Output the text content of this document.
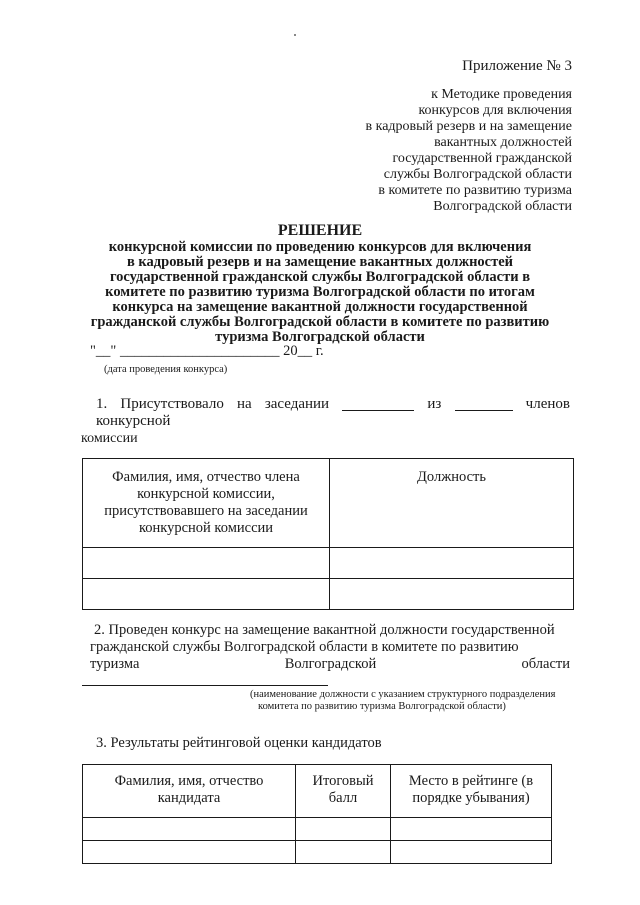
Приложение № 3
к Методике проведения
конкурсов для включения
в кадровый резерв и на замещение
вакантных должностей
государственной гражданской
службы Волгоградской области
в комитете по развитию туризма
Волгоградской области
РЕШЕНИЕ
конкурсной комиссии по проведению конкурсов для включения
в кадровый резерв и на замещение вакантных должностей
государственной гражданской службы Волгоградской области в
комитете по развитию туризма Волгоградской области по итогам
конкурса на замещение вакантной должности государственной
гражданской службы Волгоградской области в комитете по развитию
туризма Волгоградской области
"__" ______________________ 20__ г.
(дата проведения конкурса)
1. Присутствовало на заседании	из	членов
конкурсной
комиссии
Фамилия, имя, отчество члена конкурсной комиссии, присутствовавшего на заседании конкурсной комиссии	Должность

2. Проведен конкурс на замещение вакантной должности государственной
гражданской службы Волгоградской области в комитете по развитию
туризма	Волгоградской	области
(наименование должности с указанием структурного подразделения
комитета по развитию туризма Волгоградской области)
3. Результаты рейтинговой оценки кандидатов
Фамилия, имя, отчество кандидата	Итоговый балл	Место в рейтинге (в порядке убывания)
